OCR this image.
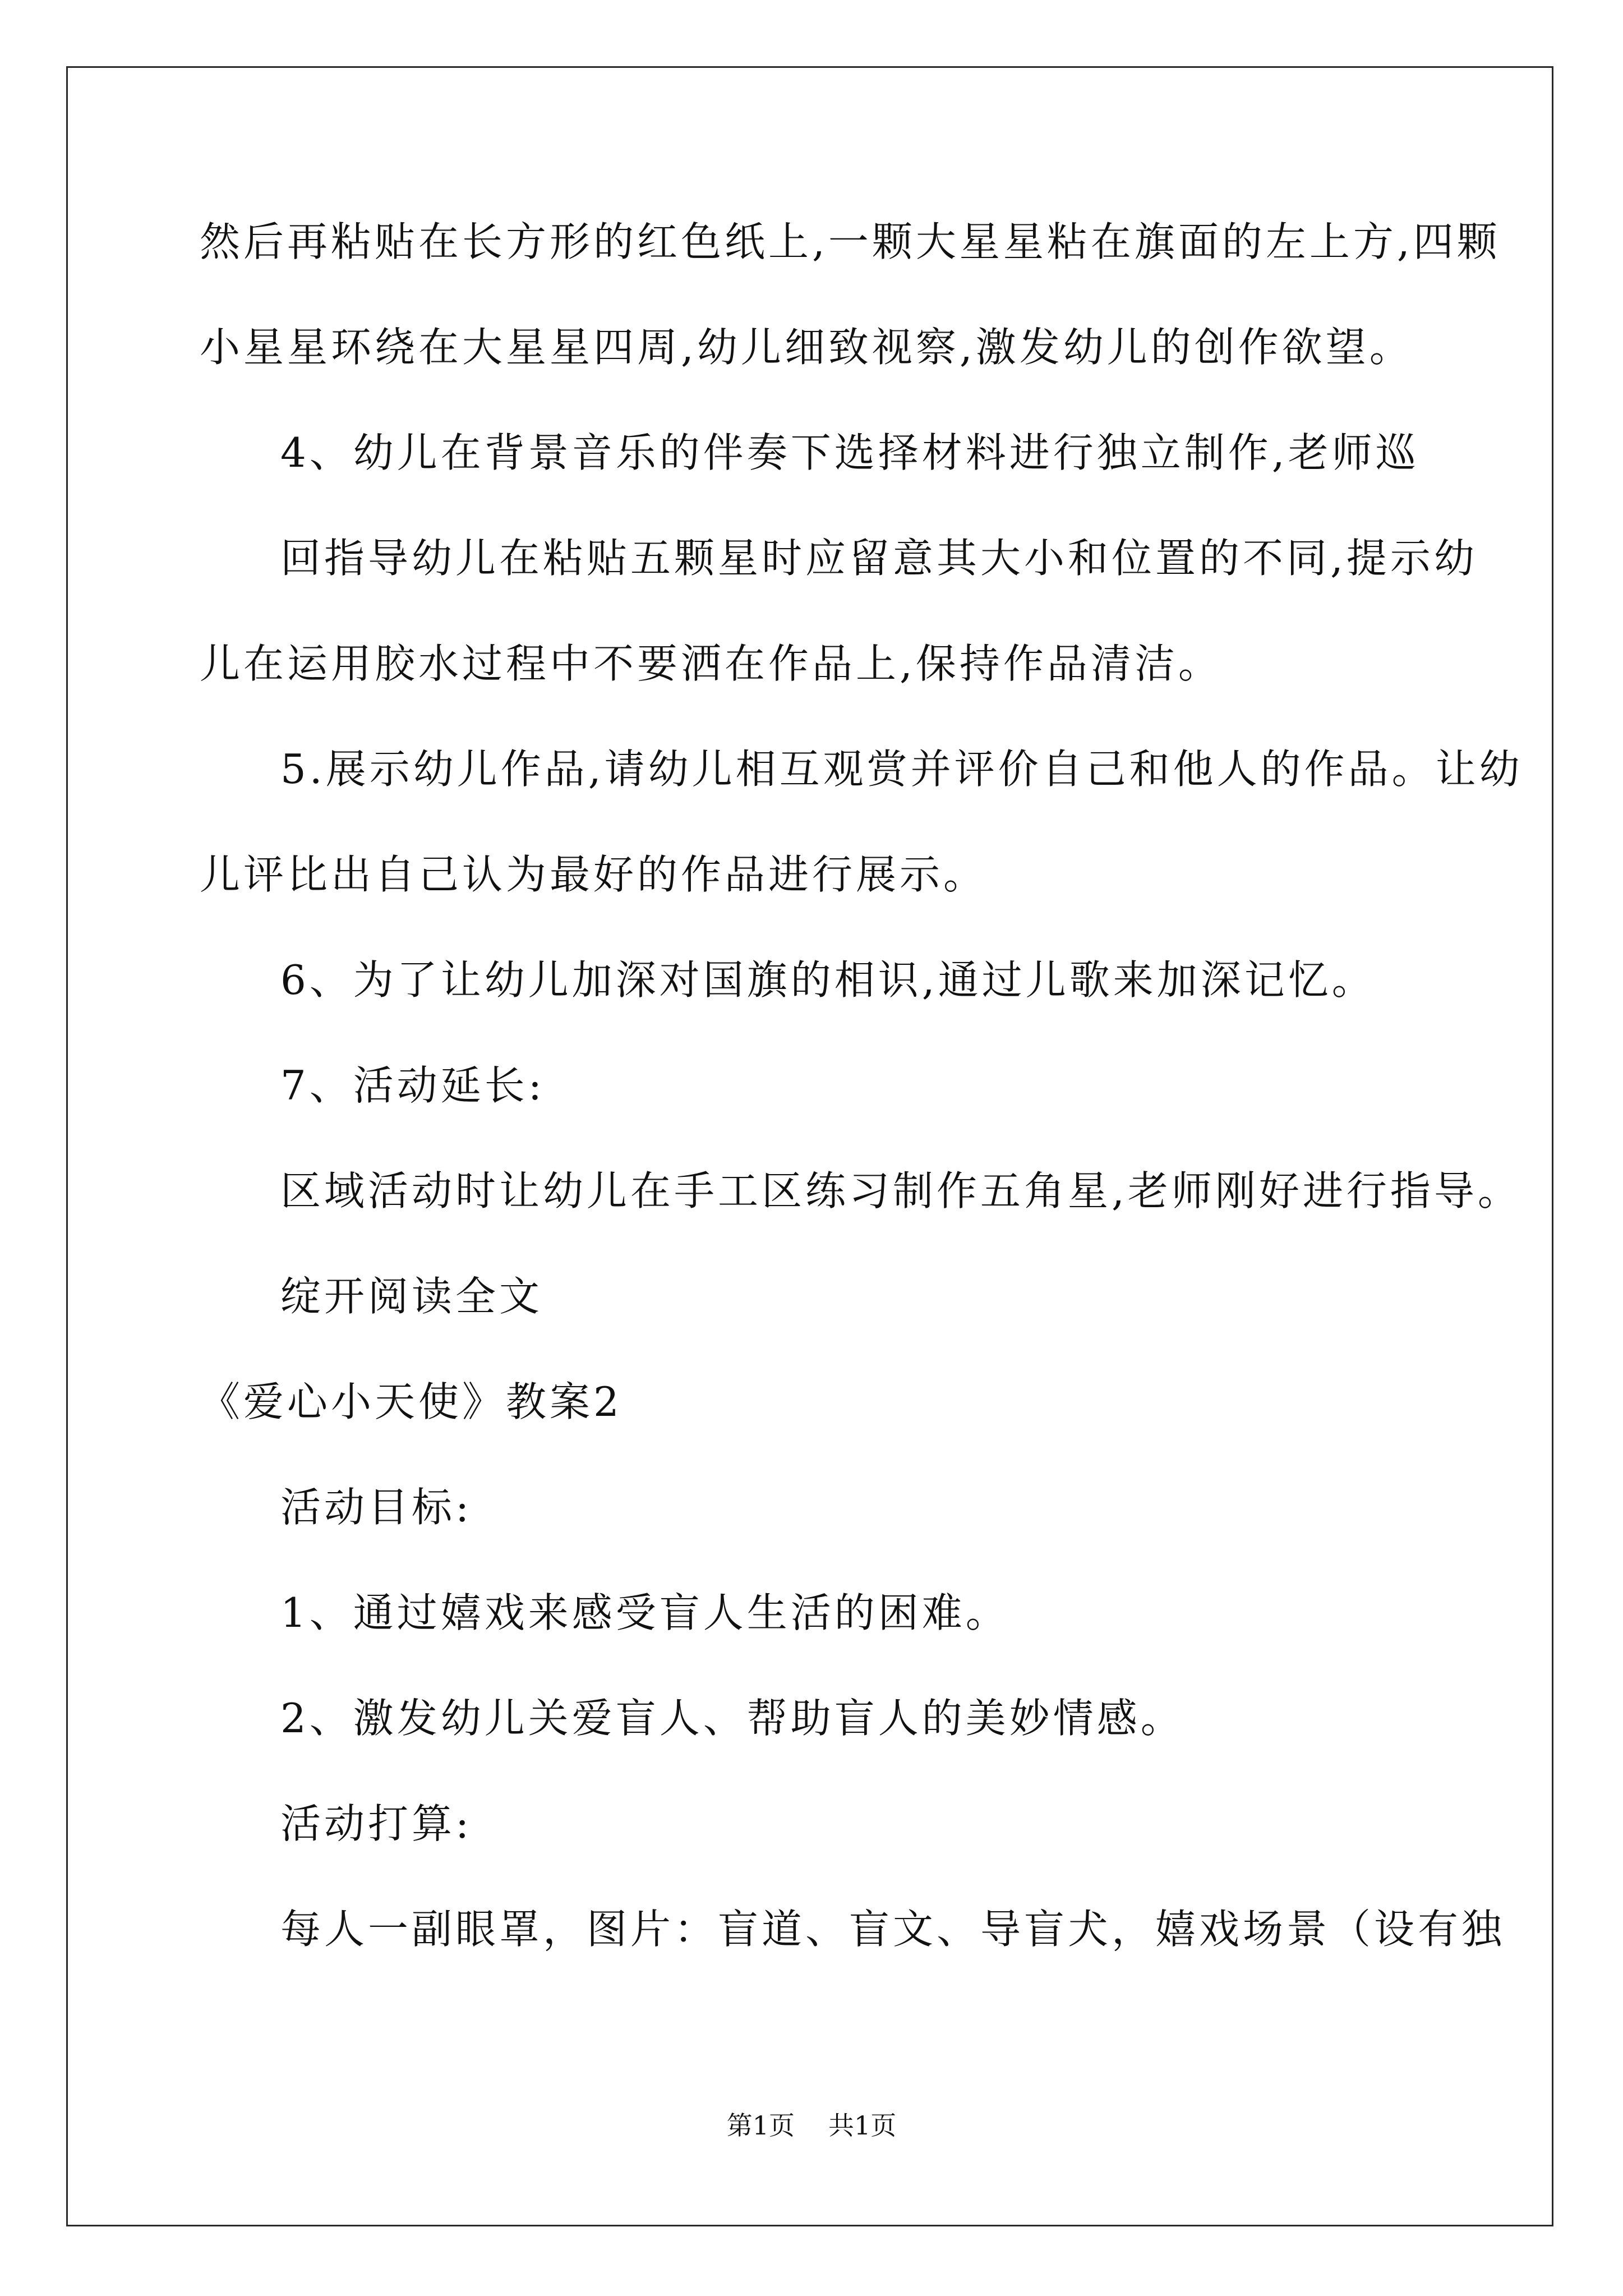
然后再粘贴在长方形的红色纸上,一颗大星星粘在旗面的左上方,四颗
小星星环绕在大星星四周,幼儿细致视察,激发幼儿的创作欲望。
4、幼儿在背景音乐的伴奏下选择材料进行独立制作,老师巡
回指导幼儿在粘贴五颗星时应留意其大小和位置的不同,提示幼
儿在运用胶水过程中不要洒在作品上,保持作品清洁。
5.展示幼儿作品,请幼儿相互观赏并评价自己和他人的作品。让幼
儿评比出自己认为最好的作品进行展示。
6、为了让幼儿加深对国旗的相识,通过儿歌来加深记忆。
7、活动延长:
区域活动时让幼儿在手工区练习制作五角星,老师刚好进行指导。
绽开阅读全文
《爱心小天使》教案2
活动目标:
1、通过嬉戏来感受盲人生活的困难。
2、激发幼儿关爱盲人、帮助盲人的美妙情感。
活动打算:
每人一副眼罩，图片：盲道、盲文、导盲犬，嬉戏场景（设有独
第1页 共1页
